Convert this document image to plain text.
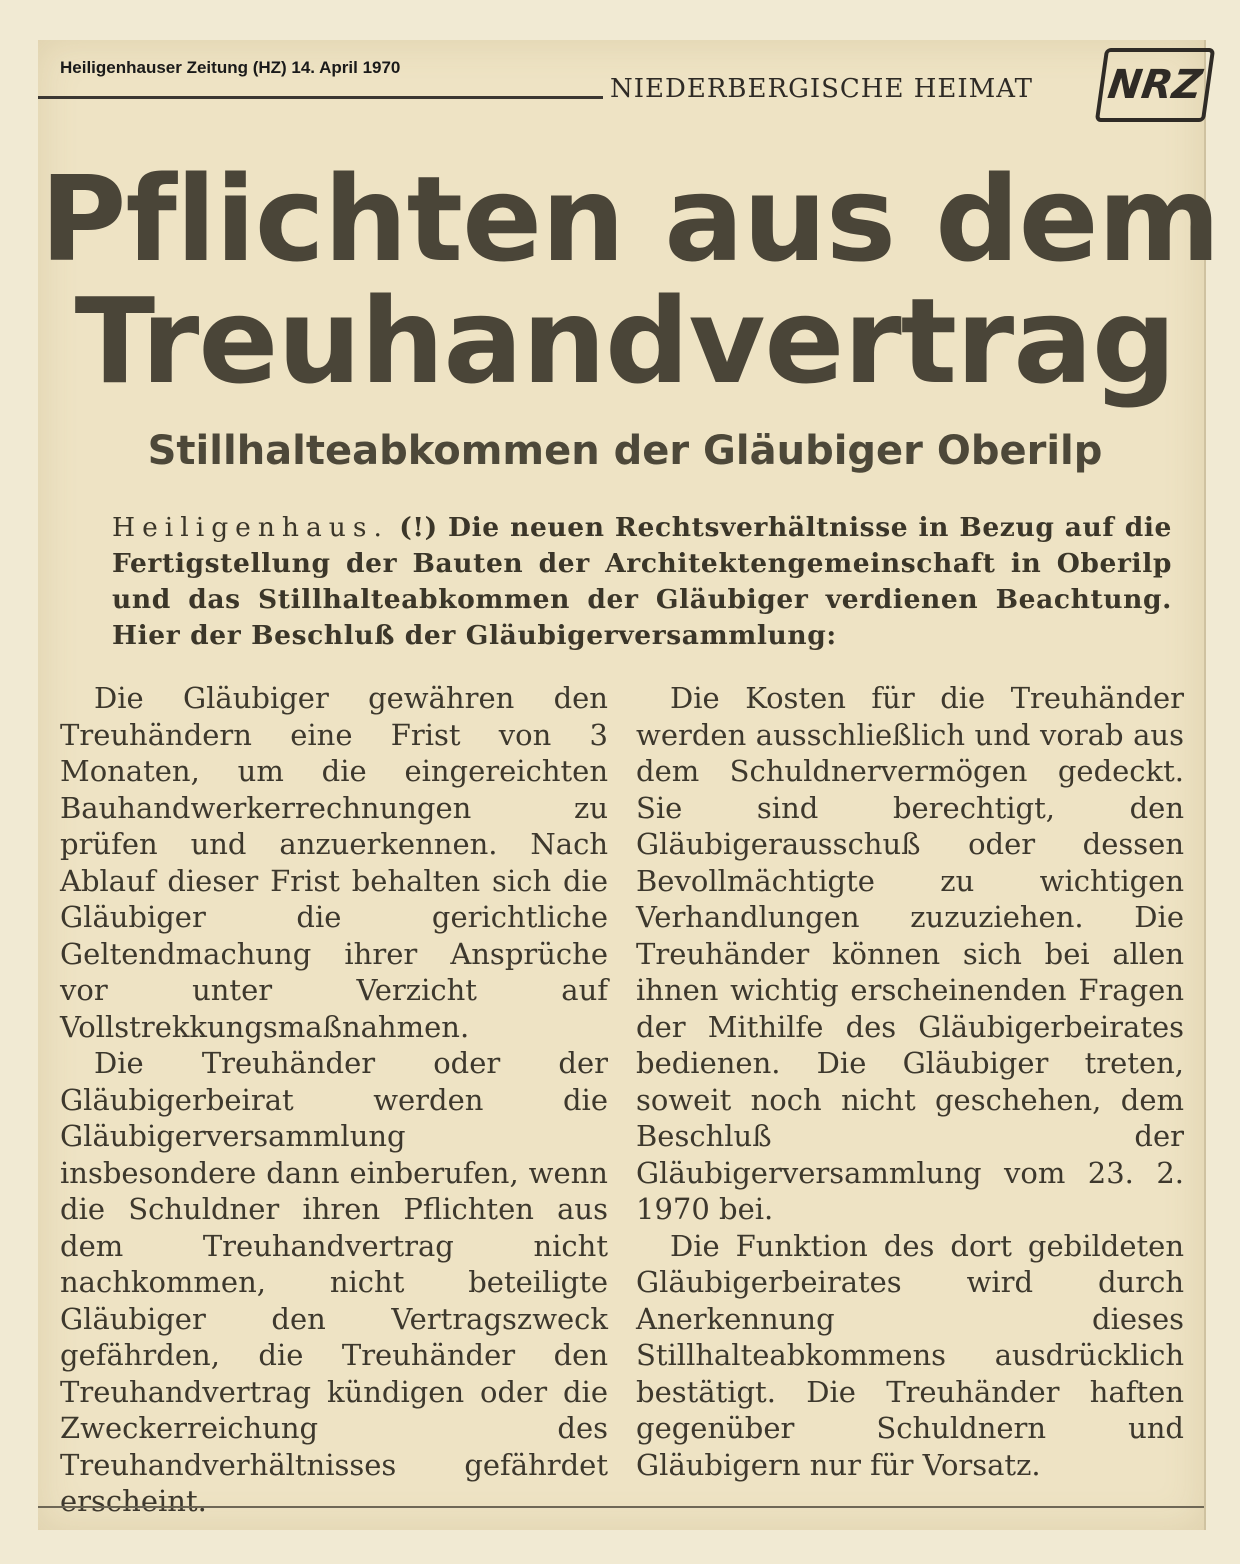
Heiligenhauser Zeitung (HZ) 14. April 1970
NIEDERBERGISCHE HEIMAT NRZ
Pflichten aus dem
Treuhandvertrag
Stillhalteabkommen der Gläubiger Oberilp

Heiligenhaus. (!) Die neuen Rechtsverhältnisse in Bezug auf die Fertigstellung der Bauten der Architektengemeinschaft in Oberilp und das Stillhalteabkommen der Gläubiger verdienen Beachtung. Hier der Beschluß der Gläubigerversammlung:

Die Gläubiger gewähren den Treuhändern eine Frist von 3 Monaten, um die eingereichten Bauhandwerkerrechnungen zu prüfen und anzuerkennen. Nach Ablauf dieser Frist behalten sich die Gläubiger die gerichtliche Geltendmachung ihrer Ansprüche vor unter Verzicht auf Vollstrekkungsmaßnahmen.

Die Treuhänder oder der Gläubigerbeirat werden die Gläubigerversammlung insbesondere dann einberufen, wenn die Schuldner ihren Pflichten aus dem Treuhandvertrag nicht nachkommen, nicht beteiligte Gläubiger den Vertragszweck gefährden, die Treuhänder den Treuhandvertrag kündigen oder die Zweckerreichung des Treuhandverhältnisses gefährdet erscheint.

Die Kosten für die Treuhänder werden ausschließlich und vorab aus dem Schuldnervermögen gedeckt. Sie sind berechtigt, den Gläubigerausschuß oder dessen Bevollmächtigte zu wichtigen Verhandlungen zuzuziehen. Die Treuhänder können sich bei allen ihnen wichtig erscheinenden Fragen der Mithilfe des Gläubigerbeirates bedienen. Die Gläubiger treten, soweit noch nicht geschehen, dem Beschluß der Gläubigerversammlung vom 23. 2. 1970 bei.

Die Funktion des dort gebildeten Gläubigerbeirates wird durch Anerkennung dieses Stillhalteabkommens ausdrücklich bestätigt. Die Treuhänder haften gegenüber Schuldnern und Gläubigern nur für Vorsatz.
